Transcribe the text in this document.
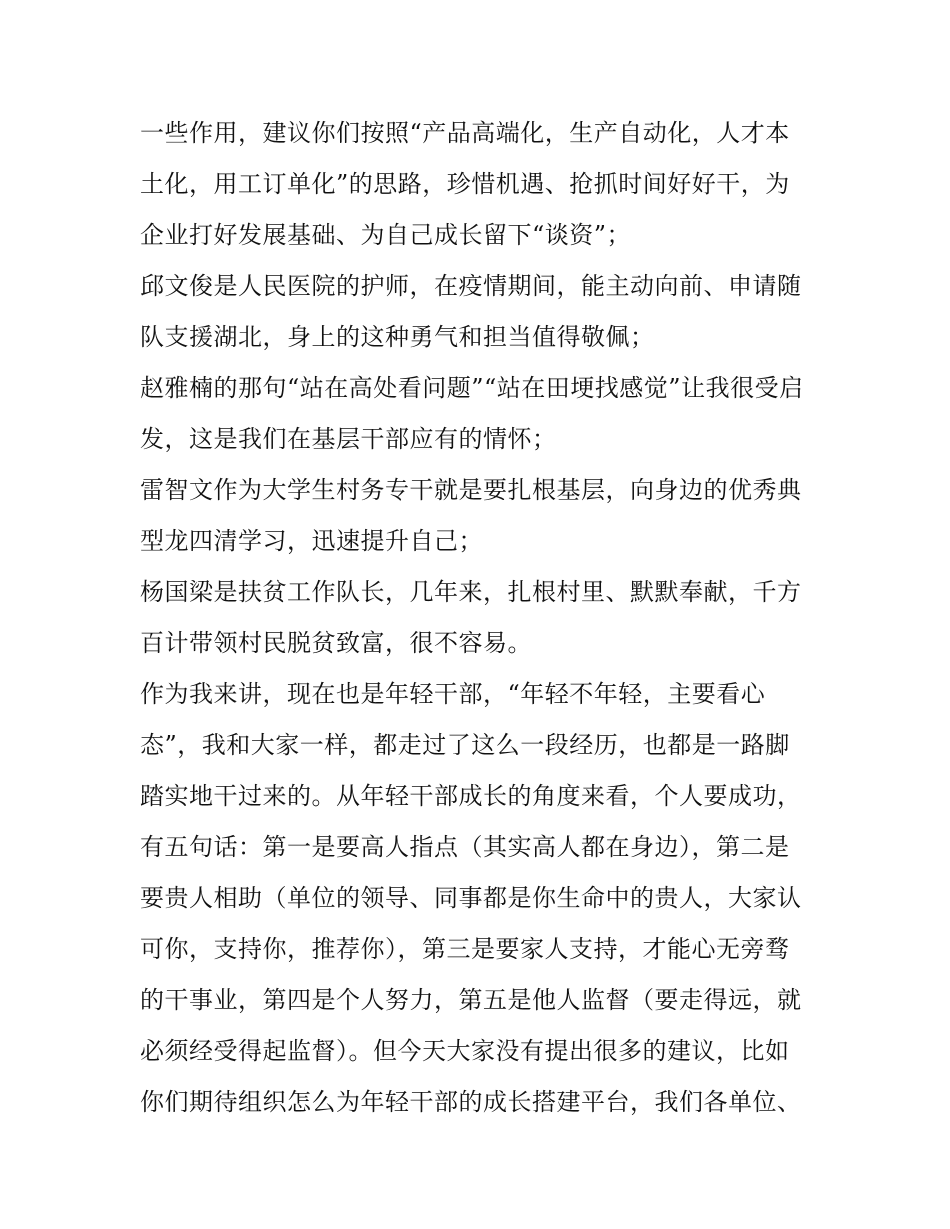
一些作用，建议你们按照“产品高端化，生产自动化，人才本
土化，用工订单化”的思路，珍惜机遇、抢抓时间好好干，为
企业打好发展基础、为自己成长留下“谈资”；
邱文俊是人民医院的护师，在疫情期间，能主动向前、申请随
队支援湖北，身上的这种勇气和担当值得敬佩；
赵雅楠的那句“站在高处看问题”“站在田埂找感觉”让我很受启
发，这是我们在基层干部应有的情怀；
雷智文作为大学生村务专干就是要扎根基层，向身边的优秀典
型龙四清学习，迅速提升自己；
杨国梁是扶贫工作队长，几年来，扎根村里、默默奉献，千方
百计带领村民脱贫致富，很不容易。
作为我来讲，现在也是年轻干部，“年轻不年轻，主要看心
态”，我和大家一样，都走过了这么一段经历，也都是一路脚
踏实地干过来的。从年轻干部成长的角度来看，个人要成功，
有五句话：第一是要高人指点（其实高人都在身边），第二是
要贵人相助（单位的领导、同事都是你生命中的贵人，大家认
可你，支持你，推荐你），第三是要家人支持，才能心无旁骛
的干事业，第四是个人努力，第五是他人监督（要走得远，就
必须经受得起监督）。但今天大家没有提出很多的建议，比如
你们期待组织怎么为年轻干部的成长搭建平台，我们各单位、
